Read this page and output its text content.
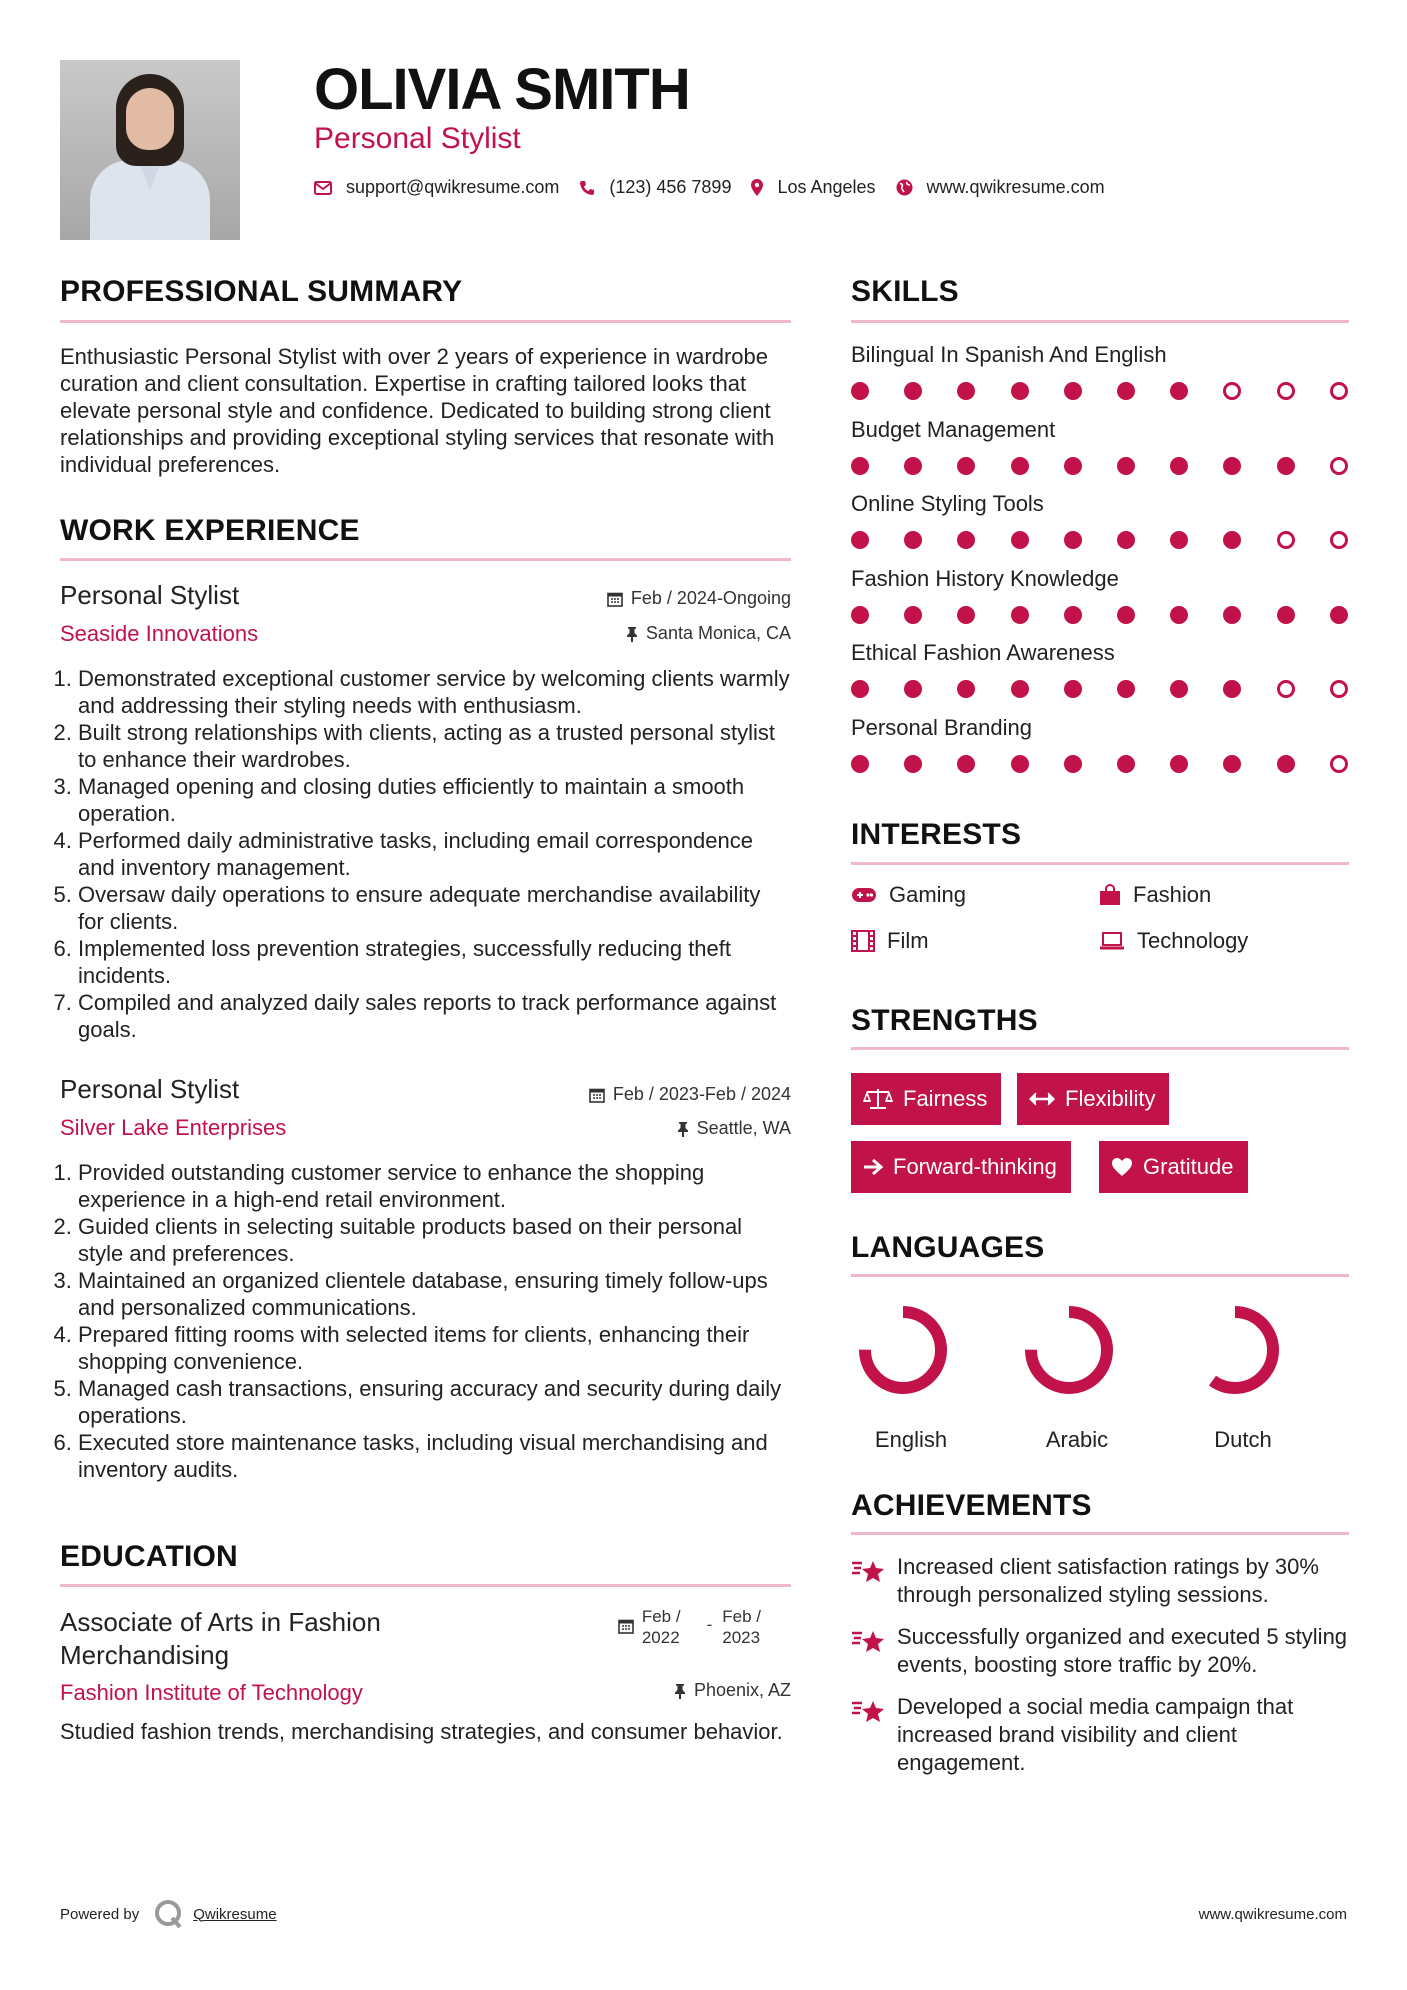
OLIVIA SMITH
Personal Stylist
support@qwikresume.com	(123) 456 7899	Los Angeles	www.qwikresume.com
PROFESSIONAL SUMMARY
Enthusiastic Personal Stylist with over 2 years of experience in wardrobe curation and client consultation. Expertise in crafting tailored looks that elevate personal style and confidence. Dedicated to building strong client relationships and providing exceptional styling services that resonate with individual preferences.
WORK EXPERIENCE
Personal Stylist
Seaside Innovations
Feb / 2024-Ongoing
Santa Monica, CA
1. Demonstrated exceptional customer service by welcoming clients warmly and addressing their styling needs with enthusiasm.
2. Built strong relationships with clients, acting as a trusted personal stylist to enhance their wardrobes.
3. Managed opening and closing duties efficiently to maintain a smooth operation.
4. Performed daily administrative tasks, including email correspondence and inventory management.
5. Oversaw daily operations to ensure adequate merchandise availability for clients.
6. Implemented loss prevention strategies, successfully reducing theft incidents.
7. Compiled and analyzed daily sales reports to track performance against goals.
Personal Stylist
Silver Lake Enterprises
Feb / 2023-Feb / 2024
Seattle, WA
1. Provided outstanding customer service to enhance the shopping experience in a high-end retail environment.
2. Guided clients in selecting suitable products based on their personal style and preferences.
3. Maintained an organized clientele database, ensuring timely follow-ups and personalized communications.
4. Prepared fitting rooms with selected items for clients, enhancing their shopping convenience.
5. Managed cash transactions, ensuring accuracy and security during daily operations.
6. Executed store maintenance tasks, including visual merchandising and inventory audits.
EDUCATION
Associate of Arts in Fashion Merchandising
Fashion Institute of Technology
Studied fashion trends, merchandising strategies, and consumer behavior.
Feb /
2022
- Feb /
2023
Phoenix, AZ
SKILLS
Bilingual In Spanish And English
Budget Management
Online Styling Tools
Fashion History Knowledge
Ethical Fashion Awareness
Personal Branding
INTERESTS
Gaming	Fashion
Film	Technology
STRENGTHS
Fairness	Flexibility
Forward-thinking	Gratitude
LANGUAGES
English	Arabic	Dutch
ACHIEVEMENTS
Increased client satisfaction ratings by 30% through personalized styling sessions.
Successfully organized and executed 5 styling events, boosting store traffic by 20%.
Developed a social media campaign that increased brand visibility and client engagement.
Powered by	Qwikresume	www.qwikresume.com
